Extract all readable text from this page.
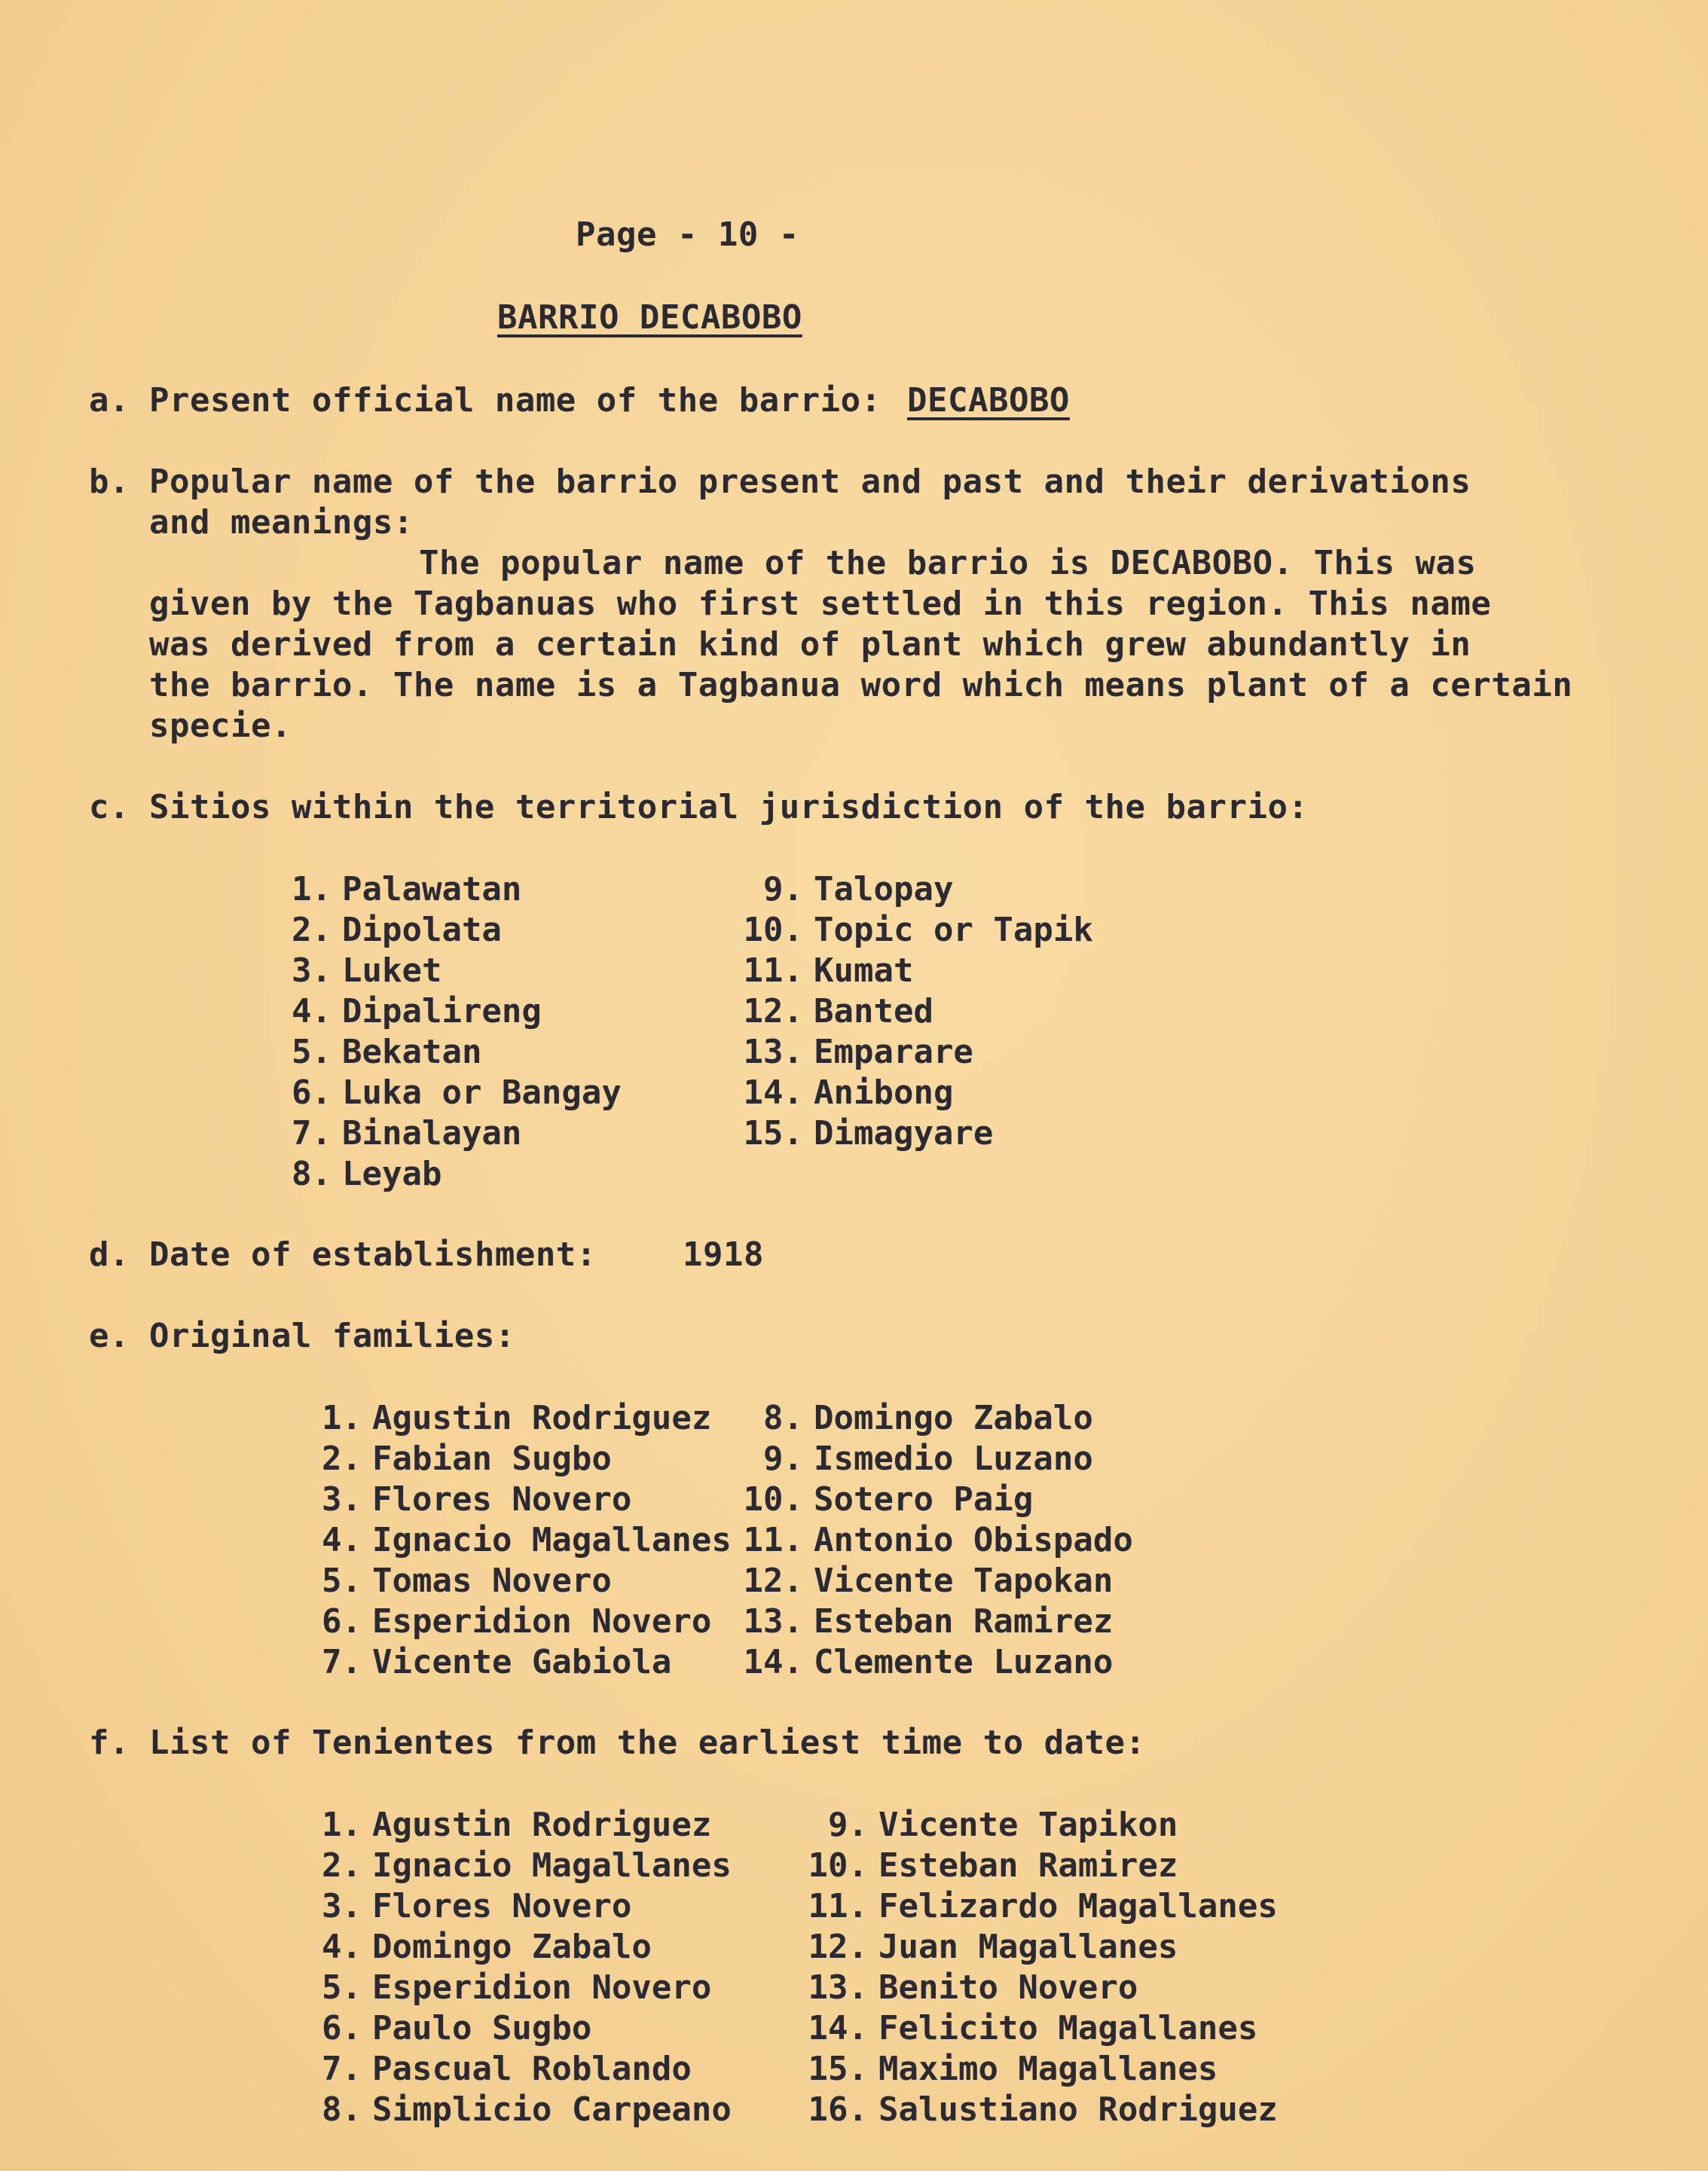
Page - 10 -
BARRIO DECABOBO
a. Present official name of the barrio: DECABOBO
b. Popular name of the barrio present and past and their derivations
and meanings:
The popular name of the barrio is DECABOBO. This was
given by the Tagbanuas who first settled in this region. This name
was derived from a certain kind of plant which grew abundantly in
the barrio. The name is a Tagbanua word which means plant of a certain
specie.
c. Sitios within the territorial jurisdiction of the barrio:
1. Palawatan
2. Dipolata
3. Luket
4. Dipalireng
5. Bekatan
6. Luka or Bangay
7. Binalayan
8. Leyab
9. Talopay
10. Topic or Tapik
11. Kumat
12. Banted
13. Emparare
14. Anibong
15. Dimagyare
d. Date of establishment:	1918
e. Original families:
1. Agustin Rodriguez
2. Fabian Sugbo
3. Flores Novero
4. Ignacio Magallanes
5. Tomas Novero
6. Esperidion Novero
7. Vicente Gabiola
8. Domingo Zabalo
9. Ismedio Luzano
10. Sotero Paig
11. Antonio Obispado
12. Vicente Tapokan
13. Esteban Ramirez
14. Clemente Luzano
f. List of Tenientes from the earliest time to date:
1. Agustin Rodriguez
2. Ignacio Magallanes
3. Flores Novero
4. Domingo Zabalo
5. Esperidion Novero
6. Paulo Sugbo
7. Pascual Roblando
8. Simplicio Carpeano
9. Vicente Tapikon
10. Esteban Ramirez
11. Felizardo Magallanes
12. Juan Magallanes
13. Benito Novero
14. Felicito Magallanes
15. Maximo Magallanes
16. Salustiano Rodriguez
